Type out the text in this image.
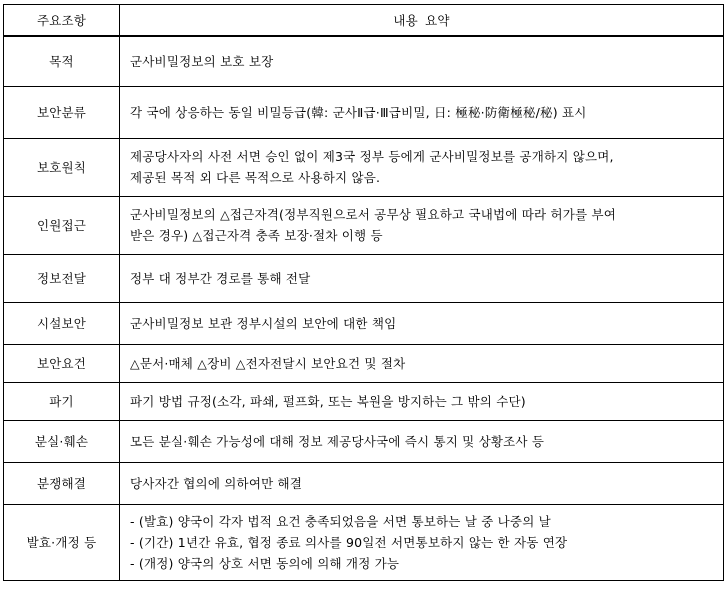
주요조항	내용 요약
목적	군사비밀정보의 보호 보장

보안분류	각 국에 상응하는 동일 비밀등급(韓: 군사Ⅱ급·Ⅲ급비밀, 日: 極秘·防衛極秘/秘) 표시

보호원칙	제공당사자의 사전 서면 승인 없이 제3국 정부 등에게 군사비밀정보를 공개하지 않으며,
제공된 목적 외 다른 목적으로 사용하지 않음.

인원접근	군사비밀정보의 △접근자격(정부직원으로서 공무상 필요하고 국내법에 따라 허가를 부여
받은 경우) △접근자격 충족 보장·절차 이행 등

정보전달	정부 대 정부간 경로를 통해 전달

시설보안	군사비밀정보 보관 정부시설의 보안에 대한 책임

보안요건	△문서·매체 △장비 △전자전달시 보안요건 및 절차

파기	파기 방법 규정(소각, 파쇄, 펄프화, 또는 복원을 방지하는 그 밖의 수단)

분실·훼손	모든 분실·훼손 가능성에 대해 정보 제공당사국에 즉시 통지 및 상황조사 등

분쟁해결	당사자간 협의에 의하여만 해결

발효·개정 등	- (발효) 양국이 각자 법적 요건 충족되었음을 서면 통보하는 날 중 나중의 날
- (기간) 1년간 유효, 협정 종료 의사를 90일전 서면통보하지 않는 한 자동 연장
- (개정) 양국의 상호 서면 동의에 의해 개정 가능
